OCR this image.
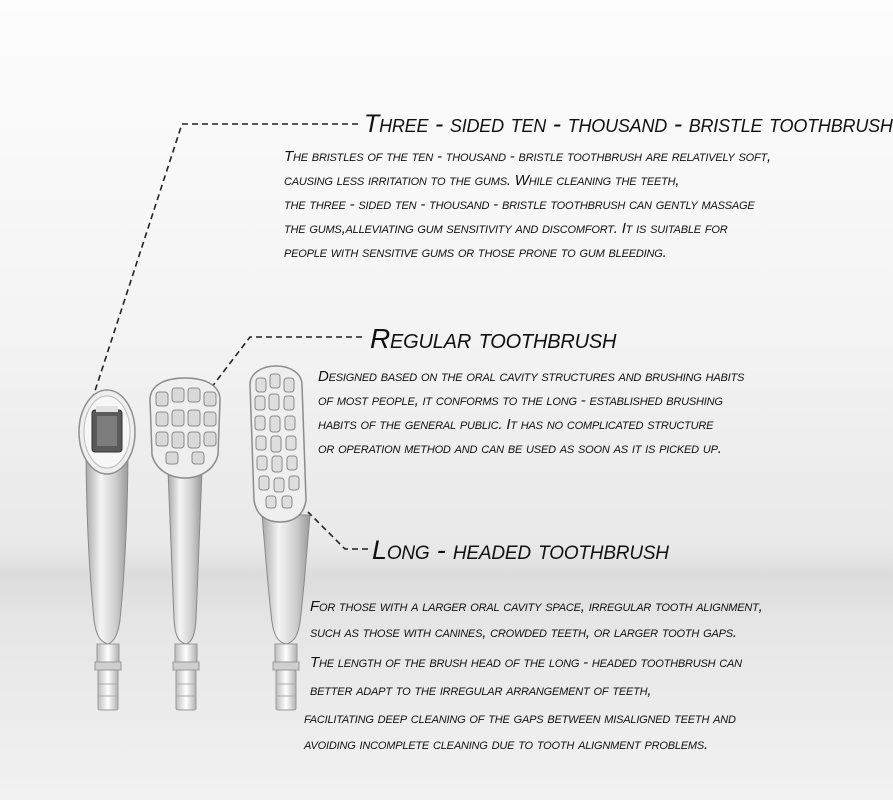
Three - sided ten - thousand - bristle toothbrush
The bristles of the ten - thousand - bristle toothbrush are relatively soft,
causing less irritation to the gums. While cleaning the teeth,
the three - sided ten - thousand - bristle toothbrush can gently massage
the gums,alleviating gum sensitivity and discomfort. It is suitable for
people with sensitive gums or those prone to gum bleeding.
Regular toothbrush
Designed based on the oral cavity structures and brushing habits
of most people, it conforms to the long - established brushing
habits of the general public. It has no complicated structure
or operation method and can be used as soon as it is picked up.
Long - headed toothbrush
For those with a larger oral cavity space, irregular tooth alignment,
such as those with canines, crowded teeth, or larger tooth gaps.
The length of the brush head of the long - headed toothbrush can
better adapt to the irregular arrangement of teeth,
facilitating deep cleaning of the gaps between misaligned teeth and
avoiding incomplete cleaning due to tooth alignment problems.
